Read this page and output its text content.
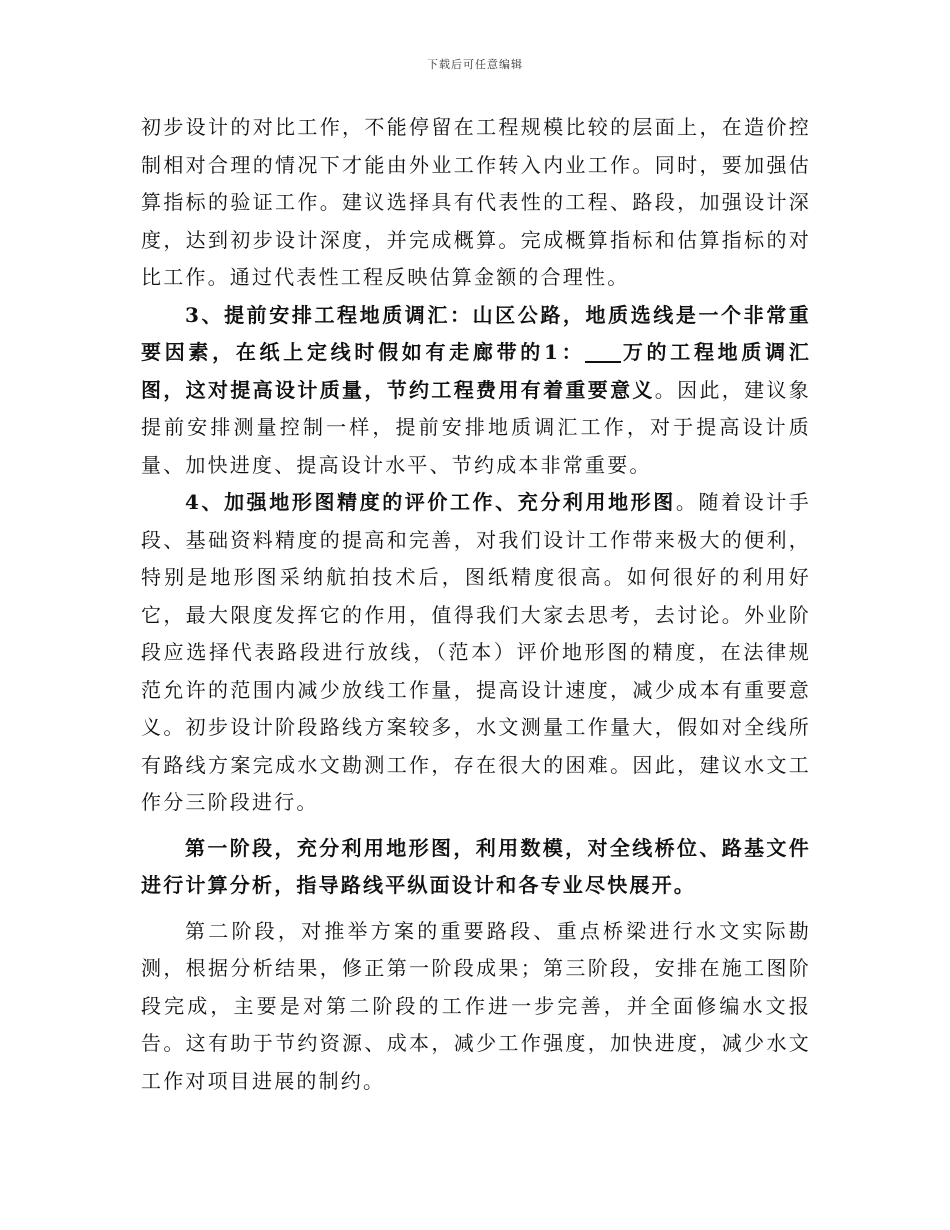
下载后可任意编辑

初步设计的对比工作，不能停留在工程规模比较的层面上，在造价控制相对合理的情况下才能由外业工作转入内业工作。同时，要加强估算指标的验证工作。建议选择具有代表性的工程、路段，加强设计深度，达到初步设计深度，并完成概算。完成概算指标和估算指标的对比工作。通过代表性工程反映估算金额的合理性。

3、提前安排工程地质调汇：山区公路，地质选线是一个非常重要因素，在纸上定线时假如有走廊带的1： 万的工程地质调汇图，这对提高设计质量，节约工程费用有着重要意义。因此，建议象提前安排测量控制一样，提前安排地质调汇工作，对于提高设计质量、加快进度、提高设计水平、节约成本非常重要。

4、加强地形图精度的评价工作、充分利用地形图。随着设计手段、基础资料精度的提高和完善，对我们设计工作带来极大的便利，特别是地形图采纳航拍技术后，图纸精度很高。如何很好的利用好它，最大限度发挥它的作用，值得我们大家去思考，去讨论。外业阶段应选择代表路段进行放线，（范本）评价地形图的精度，在法律规范允许的范围内减少放线工作量，提高设计速度，减少成本有重要意义。初步设计阶段路线方案较多，水文测量工作量大，假如对全线所有路线方案完成水文勘测工作，存在很大的困难。因此，建议水文工作分三阶段进行。

第一阶段，充分利用地形图，利用数模，对全线桥位、路基文件进行计算分析，指导路线平纵面设计和各专业尽快展开。

第二阶段，对推举方案的重要路段、重点桥梁进行水文实际勘测，根据分析结果，修正第一阶段成果；第三阶段，安排在施工图阶段完成，主要是对第二阶段的工作进一步完善，并全面修编水文报告。这有助于节约资源、成本，减少工作强度，加快进度，减少水文工作对项目进展的制约。
